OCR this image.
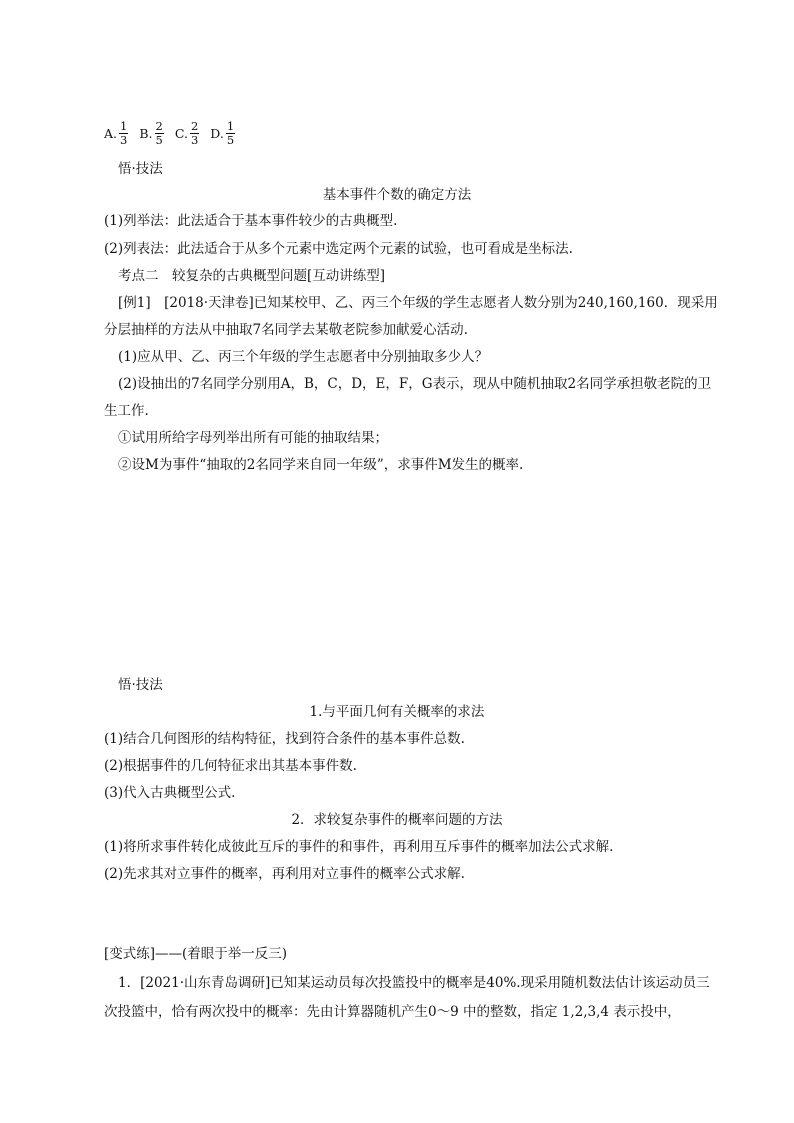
A. $\frac{1}{3} B$. $\frac{2}{5} C$. $\frac{2}{3} D$. $\frac{1}{5}$
悟·技法
基本事件个数的确定方法
(1)列举法：此法适合于基本事件较少的古典概型.
(2)列表法：此法适合于从多个元素中选定两个元素的试验，也可看成是坐标法.
考点二　较复杂的古典概型问题[互动讲练型]
[例1]　[2018·天津卷]已知某校甲、乙、丙三个年级的学生志愿者人数分别为240,160,160．现采用
分层抽样的方法从中抽取7名同学去某敬老院参加献爱心活动.
(1)应从甲、乙、丙三个年级的学生志愿者中分别抽取多少人？
(2)设抽出的7名同学分别用A，B，C，D，E，F，G表示，现从中随机抽取2名同学承担敬老院的卫
生工作.
①试用所给字母列举出所有可能的抽取结果；
②设M为事件“抽取的2名同学来自同一年级”，求事件M发生的概率.
悟·技法
1.与平面几何有关概率的求法
(1)结合几何图形的结构特征，找到符合条件的基本事件总数.
(2)根据事件的几何特征求出其基本事件数.
(3)代入古典概型公式.
2．求较复杂事件的概率问题的方法
(1)将所求事件转化成彼此互斥的事件的和事件，再利用互斥事件的概率加法公式求解.
(2)先求其对立事件的概率，再利用对立事件的概率公式求解.
[变式练]——(着眼于举一反三)
1．[2021·山东青岛调研]已知某运动员每次投篮投中的概率是40%.现采用随机数法估计该运动员三
次投篮中，恰有两次投中的概率：先由计算器随机产生0～9 中的整数，指定 1,2,3,4 表示投中，
